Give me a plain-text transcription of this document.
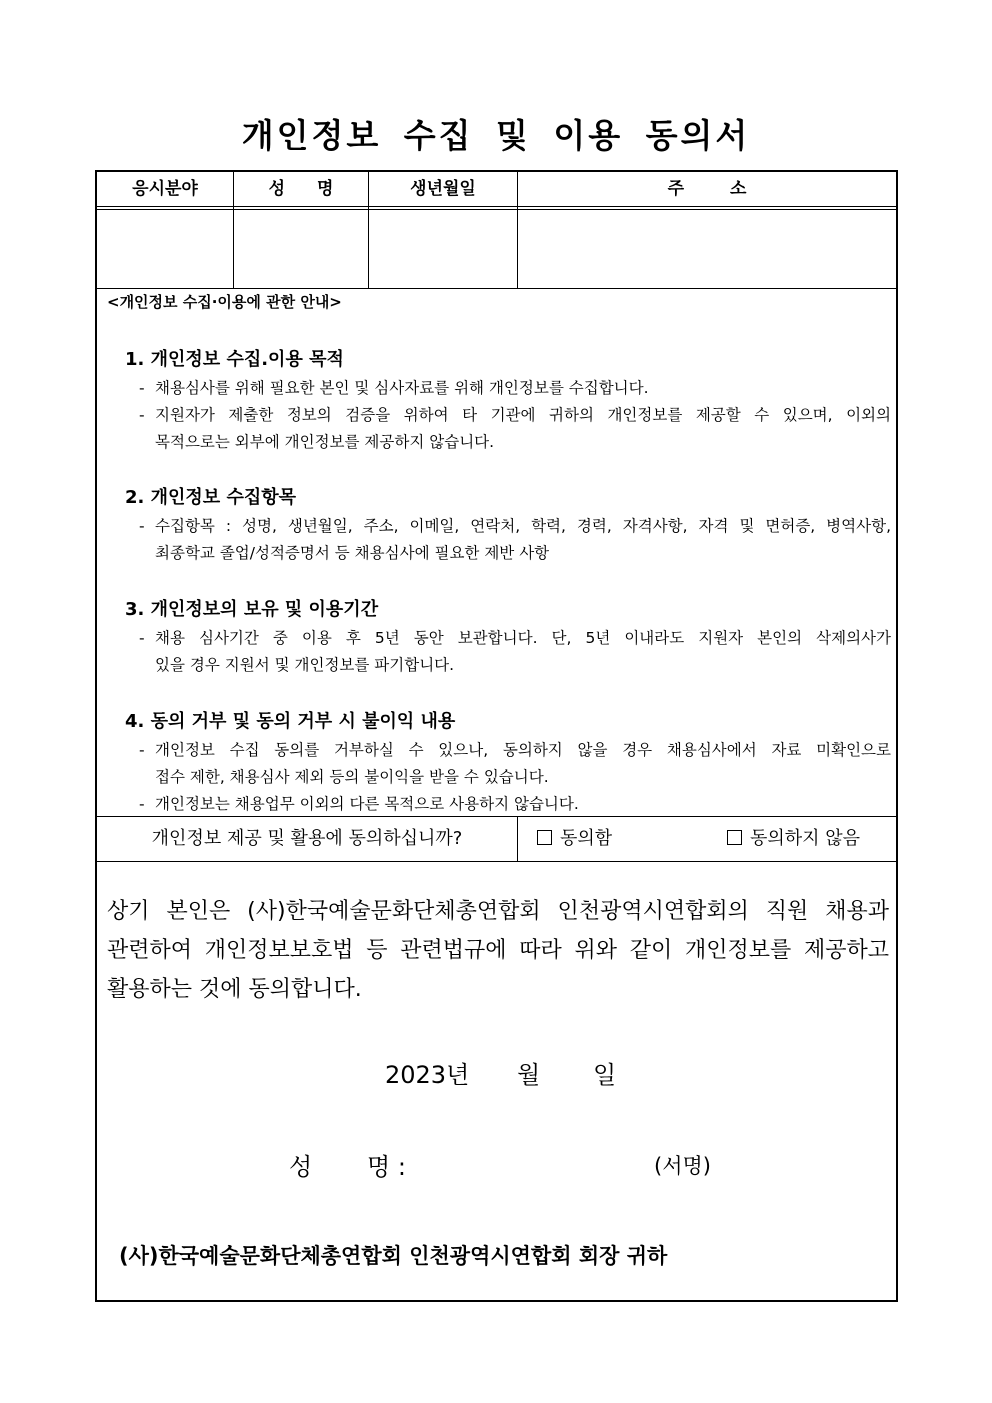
개인정보 수집 및 이용 동의서
응시분야	성 명	생년월일	주 소
<개인정보 수집·이용에 관한 안내>
1. 개인정보 수집.이용 목적
- 채용심사를 위해 필요한 본인 및 심사자료를 위해 개인정보를 수집합니다.
- 지원자가 제출한 정보의 검증을 위하여 타 기관에 귀하의 개인정보를 제공할 수 있으며, 이외의
목적으로는 외부에 개인정보를 제공하지 않습니다.
2. 개인정보 수집항목
- 수집항목 : 성명, 생년월일, 주소, 이메일, 연락처, 학력, 경력, 자격사항, 자격 및 면허증, 병역사항,
최종학교 졸업/성적증명서 등 채용심사에 필요한 제반 사항
3. 개인정보의 보유 및 이용기간
- 채용 심사기간 중 이용 후 5년 동안 보관합니다. 단, 5년 이내라도 지원자 본인의 삭제의사가
있을 경우 지원서 및 개인정보를 파기합니다.
4. 동의 거부 및 동의 거부 시 불이익 내용
- 개인정보 수집 동의를 거부하실 수 있으나, 동의하지 않을 경우 채용심사에서 자료 미확인으로
접수 제한, 채용심사 제외 등의 불이익을 받을 수 있습니다.
- 개인정보는 채용업무 이외의 다른 목적으로 사용하지 않습니다.
개인정보 제공 및 활용에 동의하십니까?	동의함	동의하지 않음
상기 본인은 (사)한국예술문화단체총연합회 인천광역시연합회의 직원 채용과
관련하여 개인정보보호법 등 관련법규에 따라 위와 같이 개인정보를 제공하고
활용하는 것에 동의합니다.
2023년 월 일
성 명 :	(서명)
(사)한국예술문화단체총연합회 인천광역시연합회 회장 귀하
